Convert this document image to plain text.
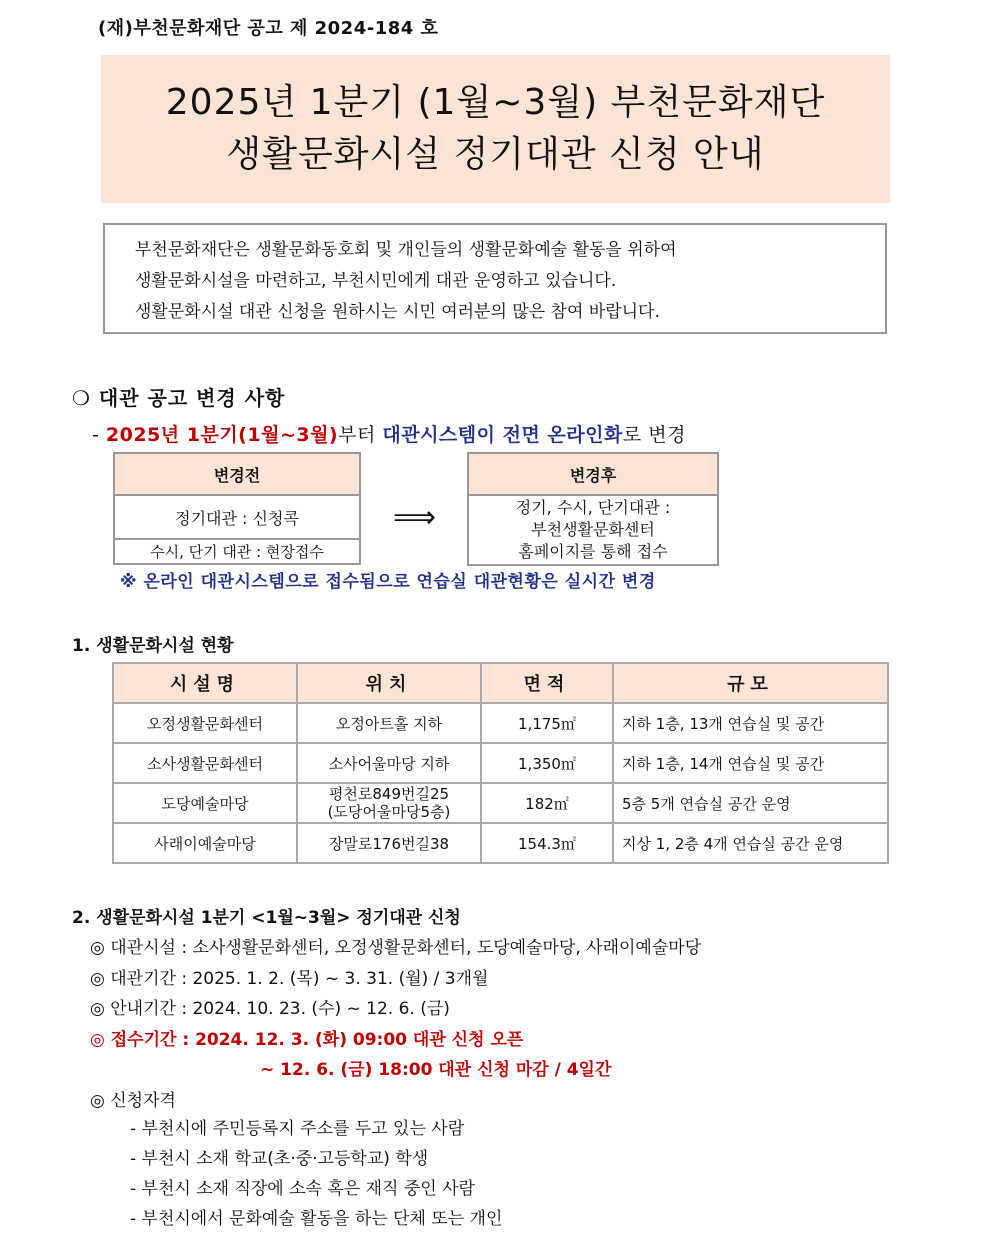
(재)부천문화재단 공고 제 2024-184 호
2025년 1분기 (1월~3월) 부천문화재단
생활문화시설 정기대관 신청 안내
부천문화재단은 생활문화동호회 및 개인들의 생활문화예술 활동을 위하여
생활문화시설을 마련하고, 부천시민에게 대관 운영하고 있습니다.
생활문화시설 대관 신청을 원하시는 시민 여러분의 많은 참여 바랍니다.
❍ 대관 공고 변경 사항
- 2025년 1분기(1월~3월)부터 대관시스템이 전면 온라인화로 변경
변경전
정기대관 : 신청콕
수시, 단기 대관 : 현장접수
⟹
변경후

정기, 수시, 단기대관 :
부천생활문화센터
홈페이지를 통해 접수
※ 온라인 대관시스템으로 접수됨으로 연습실 대관현황은 실시간 변경
1. 생활문화시설 현황
시설명	위치	면적	규모
오정생활문화센터	오정아트홀 지하	1,175㎡	지하 1층, 13개 연습실 및 공간
소사생활문화센터	소사어울마당 지하	1,350㎡	지하 1층, 14개 연습실 및 공간
도당예술마당	평천로849번길25
(도당어울마당5층)	182㎡	5층 5개 연습실 공간 운영
사래이예술마당	장말로176번길38	154.3㎡	지상 1, 2층 4개 연습실 공간 운영
2. 생활문화시설 1분기 <1월~3월> 정기대관 신청
◎ 대관시설 : 소사생활문화센터, 오정생활문화센터, 도당예술마당, 사래이예술마당
◎ 대관기간 : 2025. 1. 2. (목) ~ 3. 31. (월) / 3개월
◎ 안내기간 : 2024. 10. 23. (수) ~ 12. 6. (금)
◎ 접수기간 : 2024. 12. 3. (화) 09:00 대관 신청 오픈
~ 12. 6. (금) 18:00 대관 신청 마감 / 4일간
◎ 신청자격
- 부천시에 주민등록지 주소를 두고 있는 사람
- 부천시 소재 학교(초·중·고등학교) 학생
- 부천시 소재 직장에 소속 혹은 재직 중인 사람
- 부천시에서 문화예술 활동을 하는 단체 또는 개인
